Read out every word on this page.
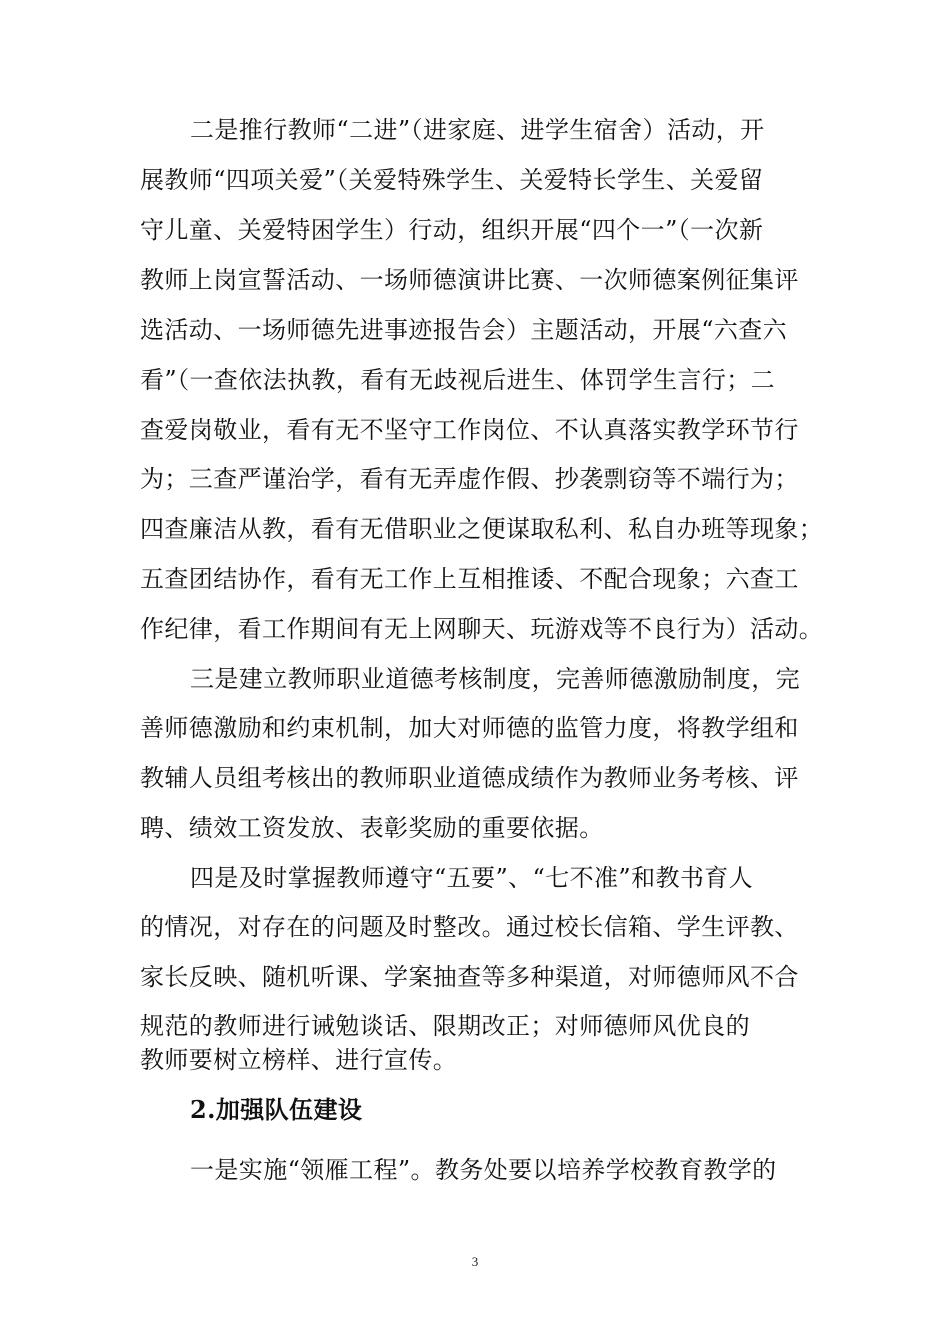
二是推行教师“二进”（进家庭、进学生宿舍）活动，开
展教师“四项关爱”（关爱特殊学生、关爱特长学生、关爱留
守儿童、关爱特困学生）行动，组织开展“四个一”（一次新
教师上岗宣誓活动、一场师德演讲比赛、一次师德案例征集评
选活动、一场师德先进事迹报告会）主题活动，开展“六查六
看”（一查依法执教，看有无歧视后进生、体罚学生言行；二
查爱岗敬业，看有无不坚守工作岗位、不认真落实教学环节行
为；三查严谨治学，看有无弄虚作假、抄袭剽窃等不端行为；
四查廉洁从教，看有无借职业之便谋取私利、私自办班等现象；
五查团结协作，看有无工作上互相推诿、不配合现象；六查工
作纪律，看工作期间有无上网聊天、玩游戏等不良行为）活动。
三是建立教师职业道德考核制度，完善师德激励制度，完
善师德激励和约束机制，加大对师德的监管力度，将教学组和
教辅人员组考核出的教师职业道德成绩作为教师业务考核、评
聘、绩效工资发放、表彰奖励的重要依据。
四是及时掌握教师遵守“五要”、“七不准”和教书育人
的情况，对存在的问题及时整改。通过校长信箱、学生评教、
家长反映、随机听课、学案抽查等多种渠道，对师德师风不合
规范的教师进行诫勉谈话、限期改正；对师德师风优良的
教师要树立榜样、进行宣传。
2.加强队伍建设
一是实施“领雁工程”。教务处要以培养学校教育教学的
3
